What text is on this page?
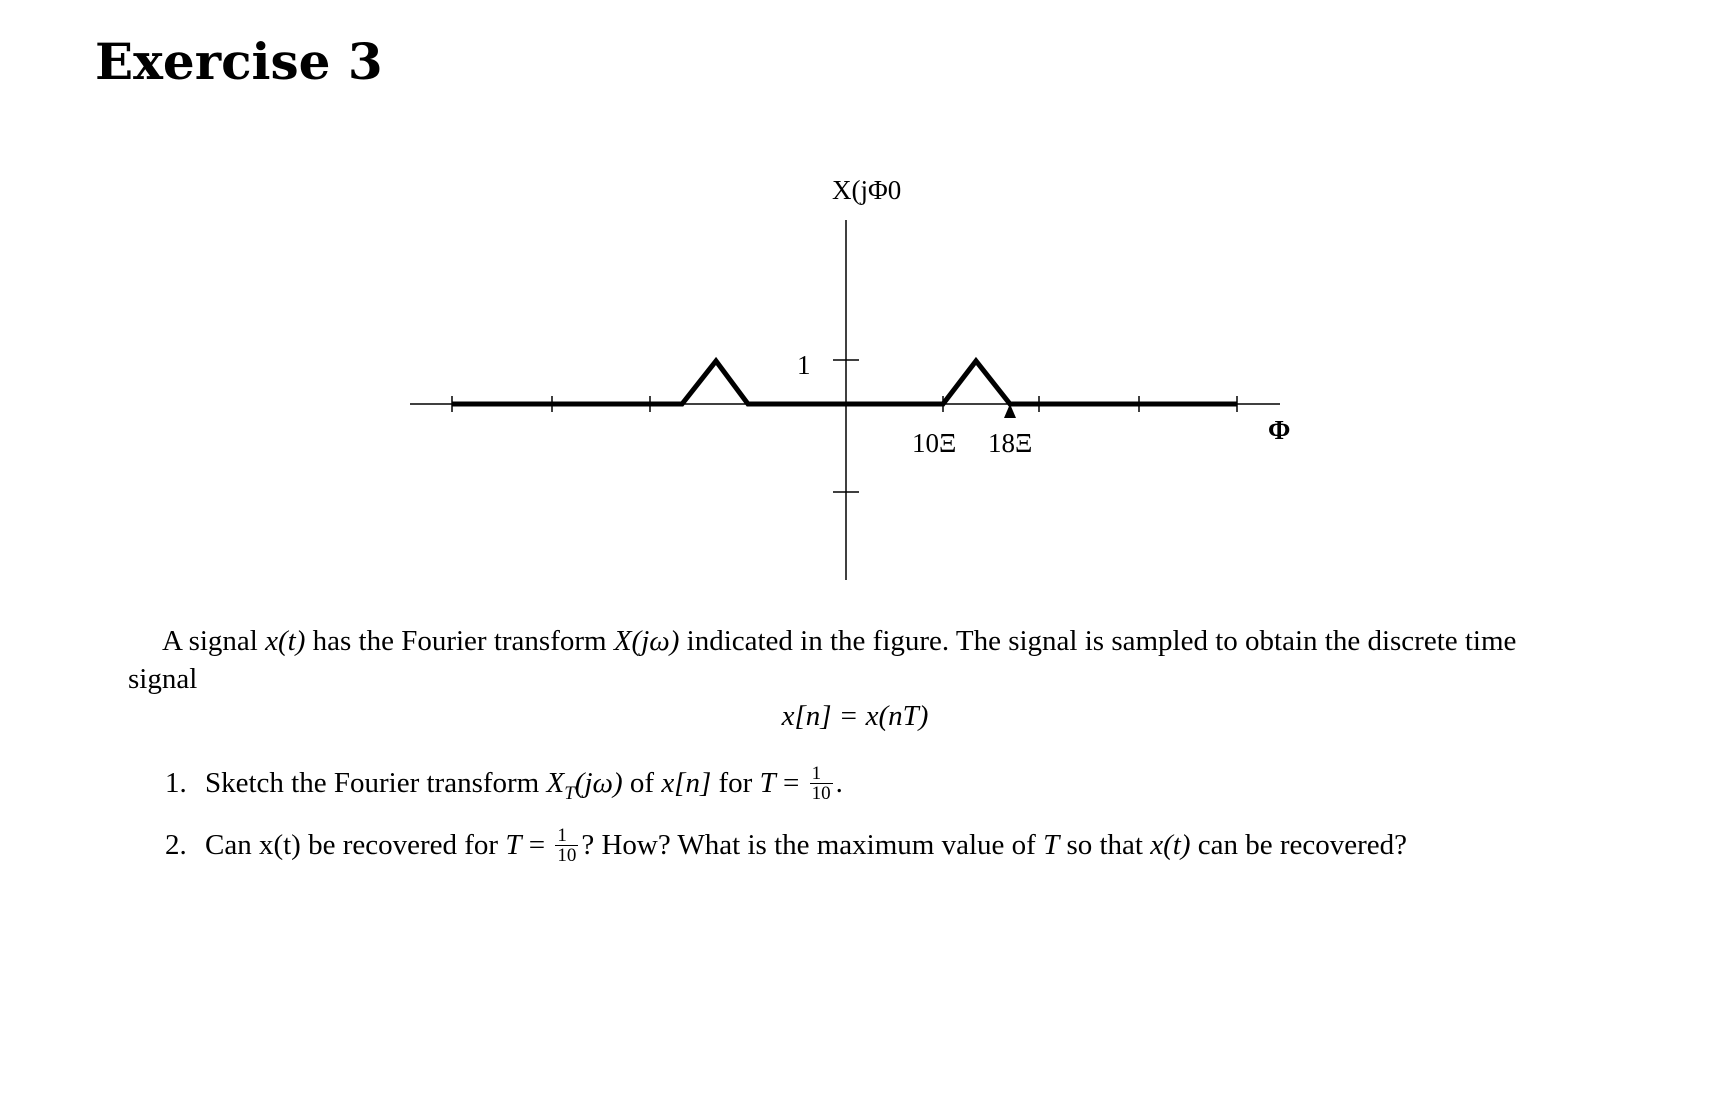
Exercise 3
X(jΦ0
1
10Ξ 18Ξ	Φ

A signal x(t) has the Fourier transform X(jω) indicated in the figure. The signal is sampled to obtain the discrete time signal

x[n] = x(nT)
1. Sketch the Fourier transform $X_T(j\omega)$ of x[n] for $T = \frac{1}{10}$ .
2. Can x(t) be recovered for $T = \frac{1}{10}$ ? How? What is the maximum value of T so that x(t) can be recovered?
